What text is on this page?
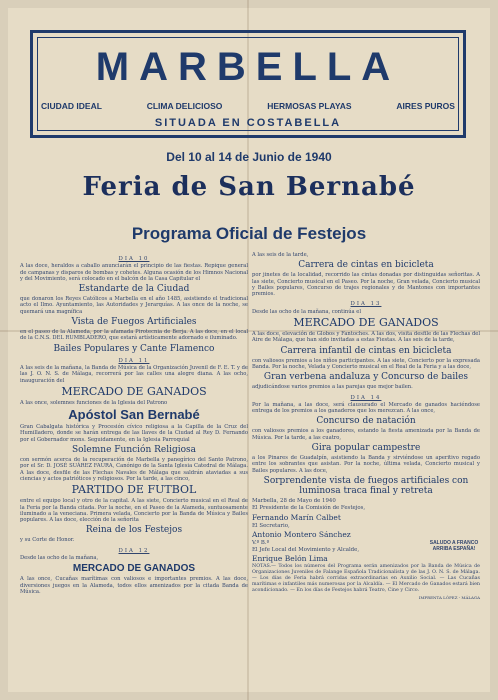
MARBELLA
CIUDAD IDEAL	CLIMA DELICIOSO	HERMOSAS PLAYAS	AIRES PUROS
SITUADA EN COSTABELLA
Del 10 al 14 de Junio de 1940
Feria de San Bernabé
Programa Oficial de Festejos
DIA 10

A las doce, heraldos a caballo anunciarán el principio de las fiestas. Repique general de campanas y disparos de bombas y cohetes. Alguna ocasión de los Himnos Nacional y del Movimiento, será colocado en el balcón de la Casa Capitular el

Estandarte de la Ciudad

que donaron los Reyes Católicos a Marbella en el año 1485, asistiendo el tradicional acto el Ilmo. Ayuntamiento, las Autoridades y Jerarquías. A las once de la noche, se quemará una magnífica

Vista de Fuegos Artificiales

en el paseo de la Alameda, por la afamada Pirotecnia de Berja. A las doce, en el local de la C.N.S. DEL RUMBLADERO, que estará artísticamente adornado e iluminado.

Bailes Populares y Cante Flamenco
DIA 11

A las seis de la mañana, la Banda de Música de la Organización Juvenil de F. E. T. y de las J. O. N. S. de Málaga, recorrerá por las calles una alegre diana. A las ocho, inauguración del

MERCADO DE GANADOS

A las once, solemnes funciones de la Iglesia del Patrono

Apóstol San Bernabé

Gran Cabalgata histórica y Procesión cívico religiosa a la Capilla de la Cruz del Humilladero, donde se harán entrega de las llaves de la Ciudad al Rey D. Fernando por el Gobernador mons. Seguidamente, en la Iglesia Parroquial

Solemne Función Religiosa

con sermón acerca de la recuperación de Marbella y panegírico del Santo Patrono, por el Sr. D. JOSÉ SUÁREZ FAURA, Canónigo de la Santa Iglesia Catedral de Málaga. A las doce, desfile de las Flechas Navales de Málaga que saldrán ataviadas a sus ciencias y actos patrióticos y religiosos. Por la tarde, a las cinco,

PARTIDO DE FUTBOL

entre el equipo local y otro de la capital. A las siete, Concierto musical en el Real de la Feria por la Banda citada. Por la noche, en el Paseo de la Alameda, suntuosamente iluminado a la veneciana. Primera velada, Concierto por la Banda de Música y Bailes populares. A las doce, elección de la señorita

Reina de los Festejos

y su Corte de Honor.

DIA 12

Desde las ocho de la mañana,

MERCADO DE GANADOS

A las once, Cucañas marítimas con valiosos e importantes premios. A las doce, diversiones juegos en la Alameda, todos ellos amenizados por la citada Banda de Música.

A las seis de la tarde,

Carrera de cintas en bicicleta

por jinetes de la localidad, recorrido las cintas donadas por distinguidas señoritas. A las siete, Concierto musical en el Paseo. Por la noche, Gran velada, Concierto musical y Bailes populares, Concurso de trajes regionales y de Mantones con importantes premios.

DIA 13

Desde las ocho de la mañana, continúa el

MERCADO DE GANADOS

A las doce, elevación de Globos y Fantoches. A las dos, visita desfile de las Flechas del Aire de Málaga, que han sido invitadas a estas Fiestas. A las seis de la tarde,

Carrera infantil de cintas en bicicleta

con valiosos premios a los niños participantes. A las siete, Concierto por la expresada Banda. Por la noche, Velada y Concierto musical en el Real de la Feria y a las doce,

Gran verbena andaluza y Concurso de bailes

adjudicándose varios premios a las parejas que mejor bailen.

DIA 14

Por la mañana, a las doce, será clausurado el Mercado de ganados haciéndose entrega de los premios a los ganaderos que los merezcan. A las once,

Concurso de natación

con valiosos premios a los ganadores, estando la fiesta amenizada por la Banda de Música. Por la tarde, a las cuatro,

Gira popular campestre

a los Pinares de Guadalpín, asistiendo la Banda y sirviéndose un aperitivo regado entre los sobrantes que asistan. Por la noche, última velada, Concierto musical y Bailes populares. A las doce,

Sorprendente vista de fuegos artificiales con luminosa traca final y retreta

Marbella, 28 de Mayo de 1940

El Presidente de la Comisión de Festejos,

Fernando Marín Calbet

El Secretario,

Antonio Montero Sánchez

SALUDO A FRANCO ARRIBA ESPAÑA!

V.º B.º

El Jefe Local del Movimiento y Alcalde,

Enrique Belón Lima

NOTAS.— Todos los números del Programa serán amenizados por la Banda de Música de Organizaciones Juveniles de Falange Española Tradicionalista y de las J. O. N. S. de Málaga. — Los días de Feria habrá corridas extraordinarias en Auxilio Social. — Las Cucañas marítimas e infantiles más numerosas por la Alcaldía. — El Mercado de Ganados estará bien acondicionado. — En los días de Festejos habrá Teatro, Cine y Circo.

IMPRENTA LÓPEZ - MÁLAGA
